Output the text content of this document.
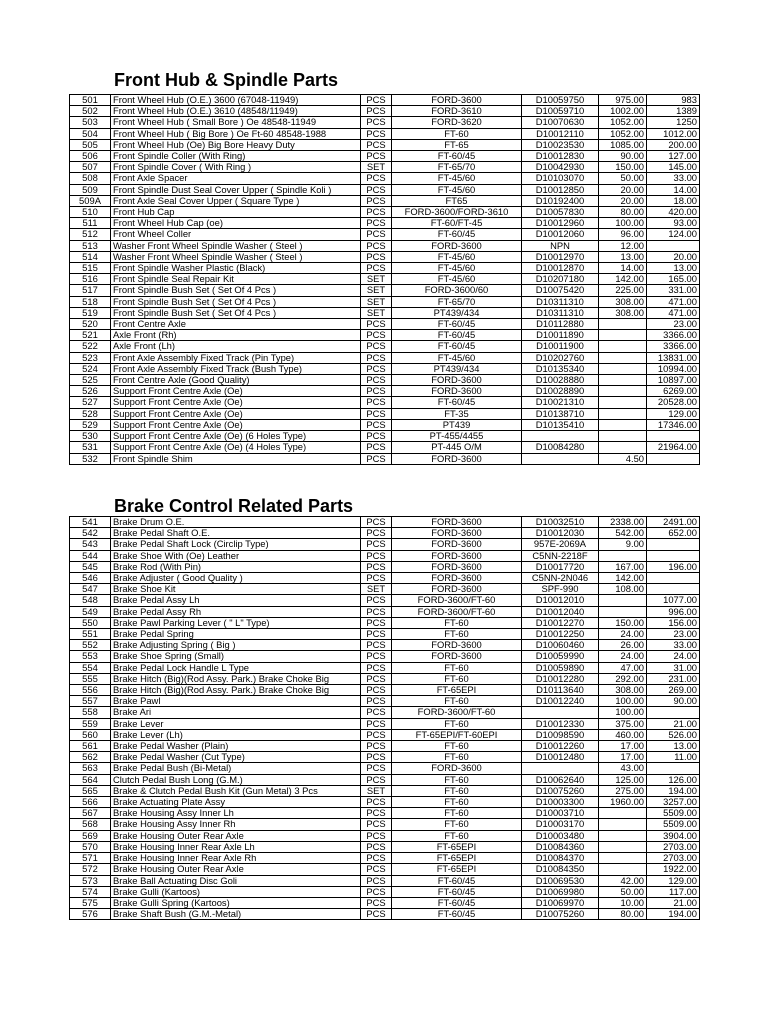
Front Hub & Spindle Parts
501	Front Wheel Hub (O.E.) 3600 (67048-11949)	PCS	FORD-3600	D10059750	975.00	983
502	Front Wheel Hub (O.E.) 3610 (48548/11949)	PCS	FORD-3610	D10059710	1002.00	1389
503	Front Wheel Hub ( Small Bore ) Oe 48548-11949	PCS	FORD-3620	D10070630	1052.00	1250
504	Front Wheel Hub ( Big Bore ) Oe Ft-60 48548-1988	PCS	FT-60	D10012110	1052.00	1012.00
505	Front Wheel Hub (Oe) Big Bore Heavy Duty	PCS	FT-65	D10023530	1085.00	200.00
506	Front Spindle Coller (With Ring)	PCS	FT-60/45	D10012830	90.00	127.00
507	Front Spindle Cover ( With Ring )	SET	FT-65/70	D10042930	150.00	145.00
508	Front Axle Spacer	PCS	FT-45/60	D10103070	50.00	33.00
509	Front Spindle Dust Seal Cover Upper ( Spindle Koli )	PCS	FT-45/60	D10012850	20.00	14.00
509A	Front Axle Seal Cover Upper ( Square Type )	PCS	FT65	D10192400	20.00	18.00
510	Front Hub Cap	PCS	FORD-3600/FORD-3610	D10057830	80.00	420.00
511	Front Wheel Hub Cap (oe)	PCS	FT-60/FT-45	D10012960	100.00	93.00
512	Front Wheel Coller	PCS	FT-60/45	D10012060	96.00	124.00
513	Washer Front Wheel Spindle Washer ( Steel )	PCS	FORD-3600	NPN	12.00	
514	Washer Front Wheel Spindle Washer ( Steel )	PCS	FT-45/60	D10012970	13.00	20.00
515	Front Spindle Washer Plastic (Black)	PCS	FT-45/60	D10012870	14.00	13.00
516	Front Spindle Seal Repair Kit	SET	FT-45/60	D10207180	142.00	165.00
517	Front Spindle Bush Set ( Set Of 4 Pcs )	SET	FORD-3600/60	D10075420	225.00	331.00
518	Front Spindle Bush Set ( Set Of 4 Pcs )	SET	FT-65/70	D10311310	308.00	471.00
519	Front Spindle Bush Set ( Set Of 4 Pcs )	SET	PT439/434	D10311310	308.00	471.00
520	Front Centre Axle	PCS	FT-60/45	D10112880		23.00
521	Axle Front (Rh)	PCS	FT-60/45	D10011890		3366.00
522	Axle Front (Lh)	PCS	FT-60/45	D10011900		3366.00
523	Front Axle Assembly Fixed Track (Pin Type)	PCS	FT-45/60	D10202760		13831.00
524	Front Axle Assembly Fixed Track (Bush Type)	PCS	PT439/434	D10135340		10994.00
525	Front Centre Axle (Good Quality)	PCS	FORD-3600	D10028880		10897.00
526	Support Front Centre Axle (Oe)	PCS	FORD-3600	D10028890		6269.00
527	Support Front Centre Axle (Oe)	PCS	FT-60/45	D10021310		20528.00
528	Support Front Centre Axle (Oe)	PCS	FT-35	D10138710		129.00
529	Support Front Centre Axle (Oe)	PCS	PT439	D10135410		17346.00
530	Support Front Centre Axle (Oe) (6 Holes Type)	PCS	PT-455/4455			
531	Support Front Centre Axle (Oe) (4 Holes Type)	PCS	PT-445 O/M	D10084280		21964.00
532	Front Spindle Shim	PCS	FORD-3600		4.50	
Brake Control Related Parts
541	Brake Drum O.E.	PCS	FORD-3600	D10032510	2338.00	2491.00
542	Brake Pedal Shaft O.E.	PCS	FORD-3600	D10012030	542.00	652.00
543	Brake Pedal Shaft Lock (Circlip Type)	PCS	FORD-3600	957E-2069A	9.00	
544	Brake Shoe With (Oe) Leather	PCS	FORD-3600	C5NN-2218F		
545	Brake Rod (With Pin)	PCS	FORD-3600	D10017720	167.00	196.00
546	Brake Adjuster ( Good Quality )	PCS	FORD-3600	C5NN-2N046	142.00	
547	Brake Shoe Kit	SET	FORD-3600	SPF-990	108.00	
548	Brake Pedal Assy Lh	PCS	FORD-3600/FT-60	D10012010		1077.00
549	Brake Pedal Assy Rh	PCS	FORD-3600/FT-60	D10012040		996.00
550	Brake Pawl Parking Lever ( " L" Type)	PCS	FT-60	D10012270	150.00	156.00
551	Brake Pedal Spring	PCS	FT-60	D10012250	24.00	23.00
552	Brake Adjusting Spring ( Big )	PCS	FORD-3600	D10060460	26.00	33.00
553	Brake Shoe Spring (Small)	PCS	FORD-3600	D10059990	24.00	24.00
554	Brake Pedal Lock Handle L Type	PCS	FT-60	D10059890	47.00	31.00
555	Brake Hitch (Big)(Rod Assy. Park.) Brake Choke Big	PCS	FT-60	D10012280	292.00	231.00
556	Brake Hitch (Big)(Rod Assy. Park.) Brake Choke Big	PCS	FT-65EPI	D10113640	308.00	269.00
557	Brake Pawl	PCS	FT-60	D10012240	100.00	90.00
558	Brake Ari	PCS	FORD-3600/FT-60		100.00	
559	Brake Lever	PCS	FT-60	D10012330	375.00	21.00
560	Brake Lever (Lh)	PCS	FT-65EPI/FT-60EPI	D10098590	460.00	526.00
561	Brake Pedal Washer (Plain)	PCS	FT-60	D10012260	17.00	13.00
562	Brake Pedal Washer (Cut Type)	PCS	FT-60	D10012480	17.00	11.00
563	Brake Pedal Bush (Bi-Metal)	PCS	FORD-3600		43.00	
564	Clutch Pedal Bush Long (G.M.)	PCS	FT-60	D10062640	125.00	126.00
565	Brake & Clutch Pedal Bush Kit (Gun Metal) 3 Pcs	SET	FT-60	D10075260	275.00	194.00
566	Brake Actuating Plate Assy	PCS	FT-60	D10003300	1960.00	3257.00
567	Brake Housing Assy Inner Lh	PCS	FT-60	D10003710		5509.00
568	Brake Housing Assy Inner Rh	PCS	FT-60	D10003170		5509.00
569	Brake Housing Outer Rear Axle	PCS	FT-60	D10003480		3904.00
570	Brake Housing Inner Rear Axle Lh	PCS	FT-65EPI	D10084360		2703.00
571	Brake Housing Inner Rear Axle Rh	PCS	FT-65EPI	D10084370		2703.00
572	Brake Housing Outer Rear Axle	PCS	FT-65EPI	D10084350		1922.00
573	Brake Ball Actuating Disc Goli	PCS	FT-60/45	D10069530	42.00	129.00
574	Brake Gulli (Kartoos)	PCS	FT-60/45	D10069980	50.00	117.00
575	Brake Gulli Spring (Kartoos)	PCS	FT-60/45	D10069970	10.00	21.00
576	Brake Shaft Bush (G.M.-Metal)	PCS	FT-60/45	D10075260	80.00	194.00
